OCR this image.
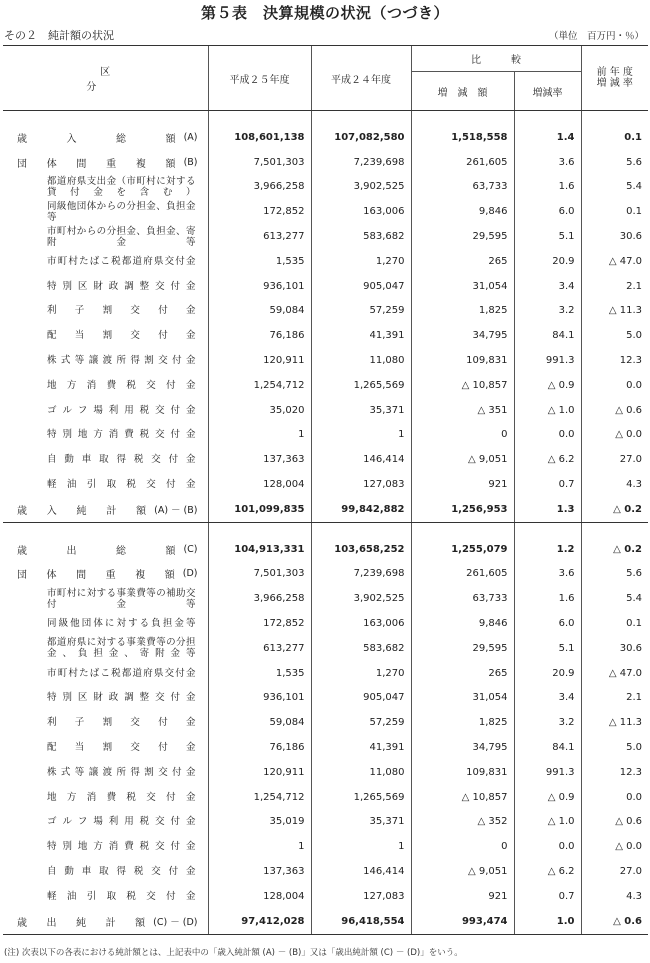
第５表　決算規模の状況（つづき）
その２　純計額の状況	（単位　百万円・％）
区　　　分	平成２５年度	平成２４年度	比　　　較		前 年 度
増 減 率

			増　減　額	増減率	

歳　入　総　額 (A)	108,601,138	107,082,580	1,518,558	1.4	0.1

団体間重複額 (B)	7,501,303	7,239,698	261,605	3.6	5.6

都道府県支出金（市町村に対する貸付金を含む）	3,966,258	3,902,525	63,733	1.6	5.4

同級他団体からの分担金、負担金等	172,852	163,006	9,846	6.0	0.1

市町村からの分担金、負担金、寄附金等	613,277	583,682	29,595	5.1	30.6

市町村たばこ税都道府県交付金	1,535	1,270	265	20.9	△ 47.0

特別区財政調整交付金	936,101	905,047	31,054	3.4	2.1

利子割交付金	59,084	57,259	1,825	3.2	△ 11.3

配当割交付金	76,186	41,391	34,795	84.1	5.0

株式等譲渡所得割交付金	120,911	11,080	109,831	991.3	12.3

地方消費税交付金	1,254,712	1,265,569	△ 10,857	△ 0.9	0.0

ゴルフ場利用税交付金	35,020	35,371	△ 351	△ 1.0	△ 0.6

特別地方消費税交付金	1	1	0	0.0	△ 0.0

自動車取得税交付金	137,363	146,414	△ 9,051	△ 6.2	27.0

軽油引取税交付金	128,004	127,083	921	0.7	4.3

歳入純計額 (A) － (B)	101,099,835	99,842,882	1,256,953	1.3	△ 0.2

歳　出　総　額 (C)	104,913,331	103,658,252	1,255,079	1.2	△ 0.2

団体間重複額 (D)	7,501,303	7,239,698	261,605	3.6	5.6

市町村に対する事業費等の補助交付金等	3,966,258	3,902,525	63,733	1.6	5.4

同級他団体に対する負担金等	172,852	163,006	9,846	6.0	0.1

都道府県に対する事業費等の分担金、負担金、寄附金等	613,277	583,682	29,595	5.1	30.6

市町村たばこ税都道府県交付金	1,535	1,270	265	20.9	△ 47.0

特別区財政調整交付金	936,101	905,047	31,054	3.4	2.1

利子割交付金	59,084	57,259	1,825	3.2	△ 11.3

配当割交付金	76,186	41,391	34,795	84.1	5.0

株式等譲渡所得割交付金	120,911	11,080	109,831	991.3	12.3

地方消費税交付金	1,254,712	1,265,569	△ 10,857	△ 0.9	0.0

ゴルフ場利用税交付金	35,019	35,371	△ 352	△ 1.0	△ 0.6

特別地方消費税交付金	1	1	0	0.0	△ 0.0

自動車取得税交付金	137,363	146,414	△ 9,051	△ 6.2	27.0

軽油引取税交付金	128,004	127,083	921	0.7	4.3

歳出純計額 (C) － (D)	97,412,028	96,418,554	993,474	1.0	△ 0.6
(注) 次表以下の各表における純計額とは、上記表中の「歳入純計額 (A) － (B)」又は「歳出純計額 (C) － (D)」をいう。
